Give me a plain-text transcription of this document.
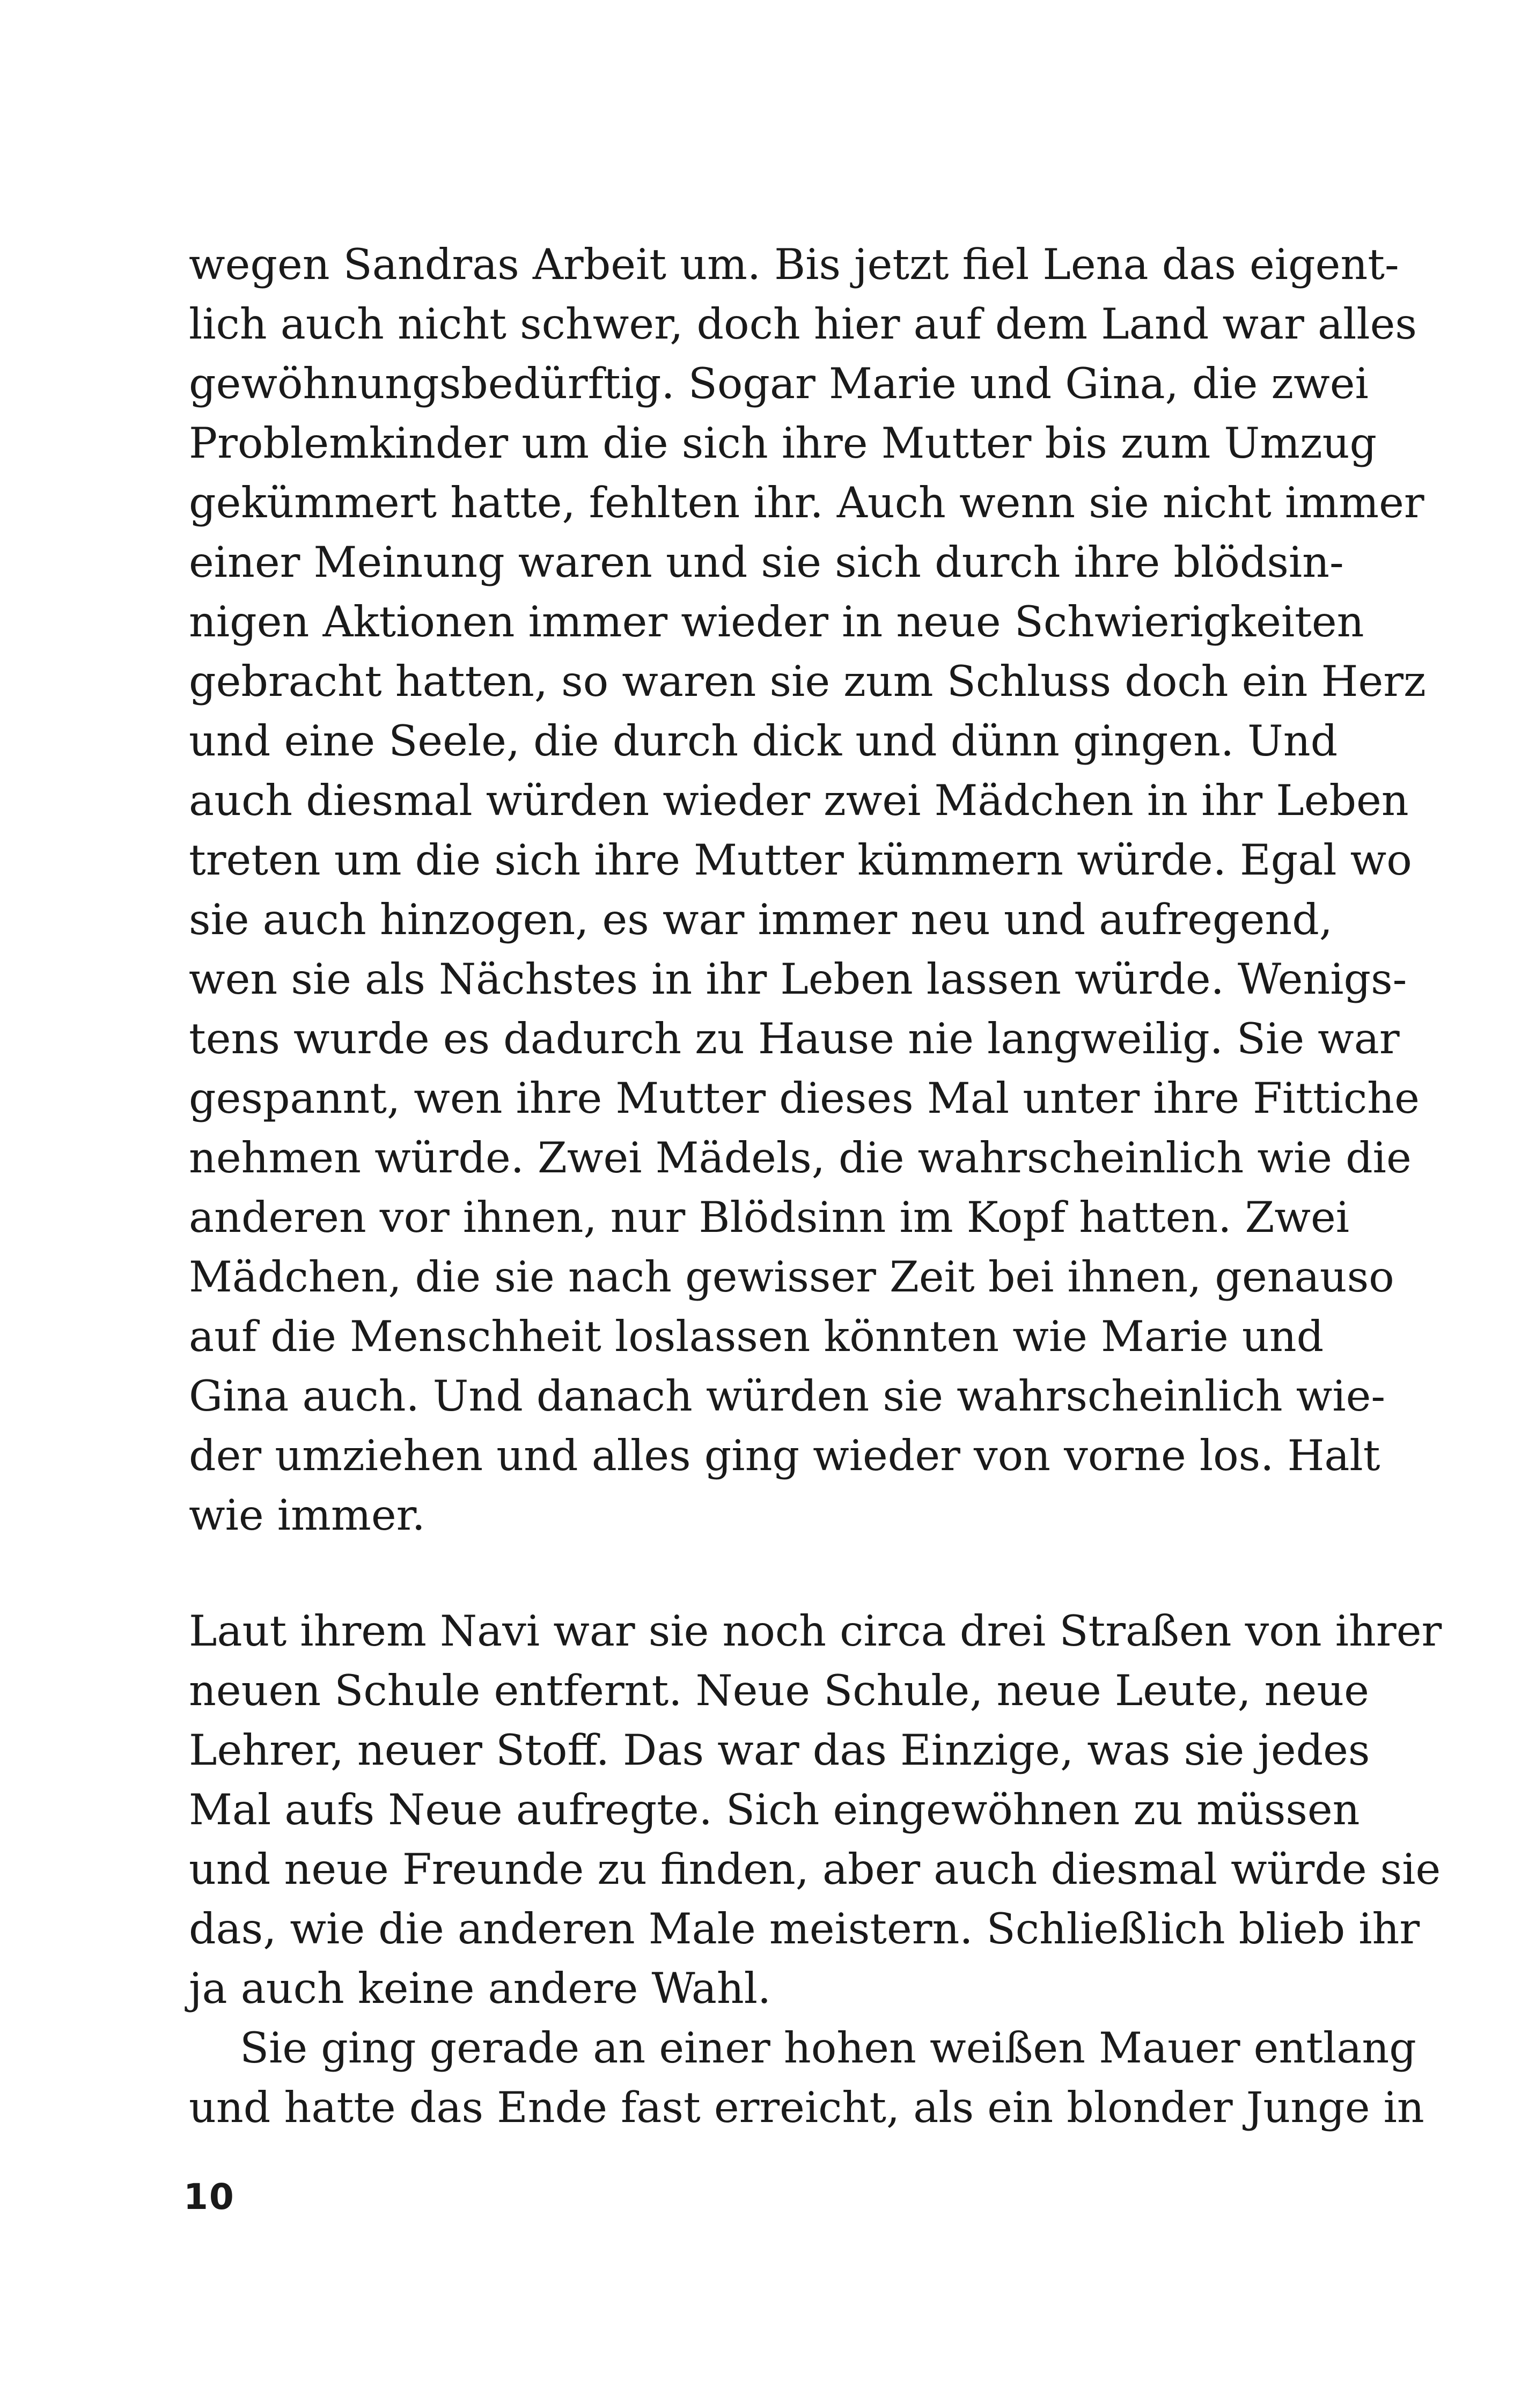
wegen Sandras Arbeit um. Bis jetzt fiel Lena das eigent-
lich auch nicht schwer, doch hier auf dem Land war alles
gewöhnungsbedürftig. Sogar Marie und Gina, die zwei
Problemkinder um die sich ihre Mutter bis zum Umzug
gekümmert hatte, fehlten ihr. Auch wenn sie nicht immer
einer Meinung waren und sie sich durch ihre blödsin-
nigen Aktionen immer wieder in neue Schwierigkeiten
gebracht hatten, so waren sie zum Schluss doch ein Herz
und eine Seele, die durch dick und dünn gingen. Und
auch diesmal würden wieder zwei Mädchen in ihr Leben
treten um die sich ihre Mutter kümmern würde. Egal wo
sie auch hinzogen, es war immer neu und aufregend,
wen sie als Nächstes in ihr Leben lassen würde. Wenigs-
tens wurde es dadurch zu Hause nie langweilig. Sie war
gespannt, wen ihre Mutter dieses Mal unter ihre Fittiche
nehmen würde. Zwei Mädels, die wahrscheinlich wie die
anderen vor ihnen, nur Blödsinn im Kopf hatten. Zwei
Mädchen, die sie nach gewisser Zeit bei ihnen, genauso
auf die Menschheit loslassen könnten wie Marie und
Gina auch. Und danach würden sie wahrscheinlich wie-
der umziehen und alles ging wieder von vorne los. Halt
wie immer.
Laut ihrem Navi war sie noch circa drei Straßen von ihrer
neuen Schule entfernt. Neue Schule, neue Leute, neue
Lehrer, neuer Stoff. Das war das Einzige, was sie jedes
Mal aufs Neue aufregte. Sich eingewöhnen zu müssen
und neue Freunde zu finden, aber auch diesmal würde sie
das, wie die anderen Male meistern. Schließlich blieb ihr
ja auch keine andere Wahl.
Sie ging gerade an einer hohen weißen Mauer entlang
und hatte das Ende fast erreicht, als ein blonder Junge in
10
